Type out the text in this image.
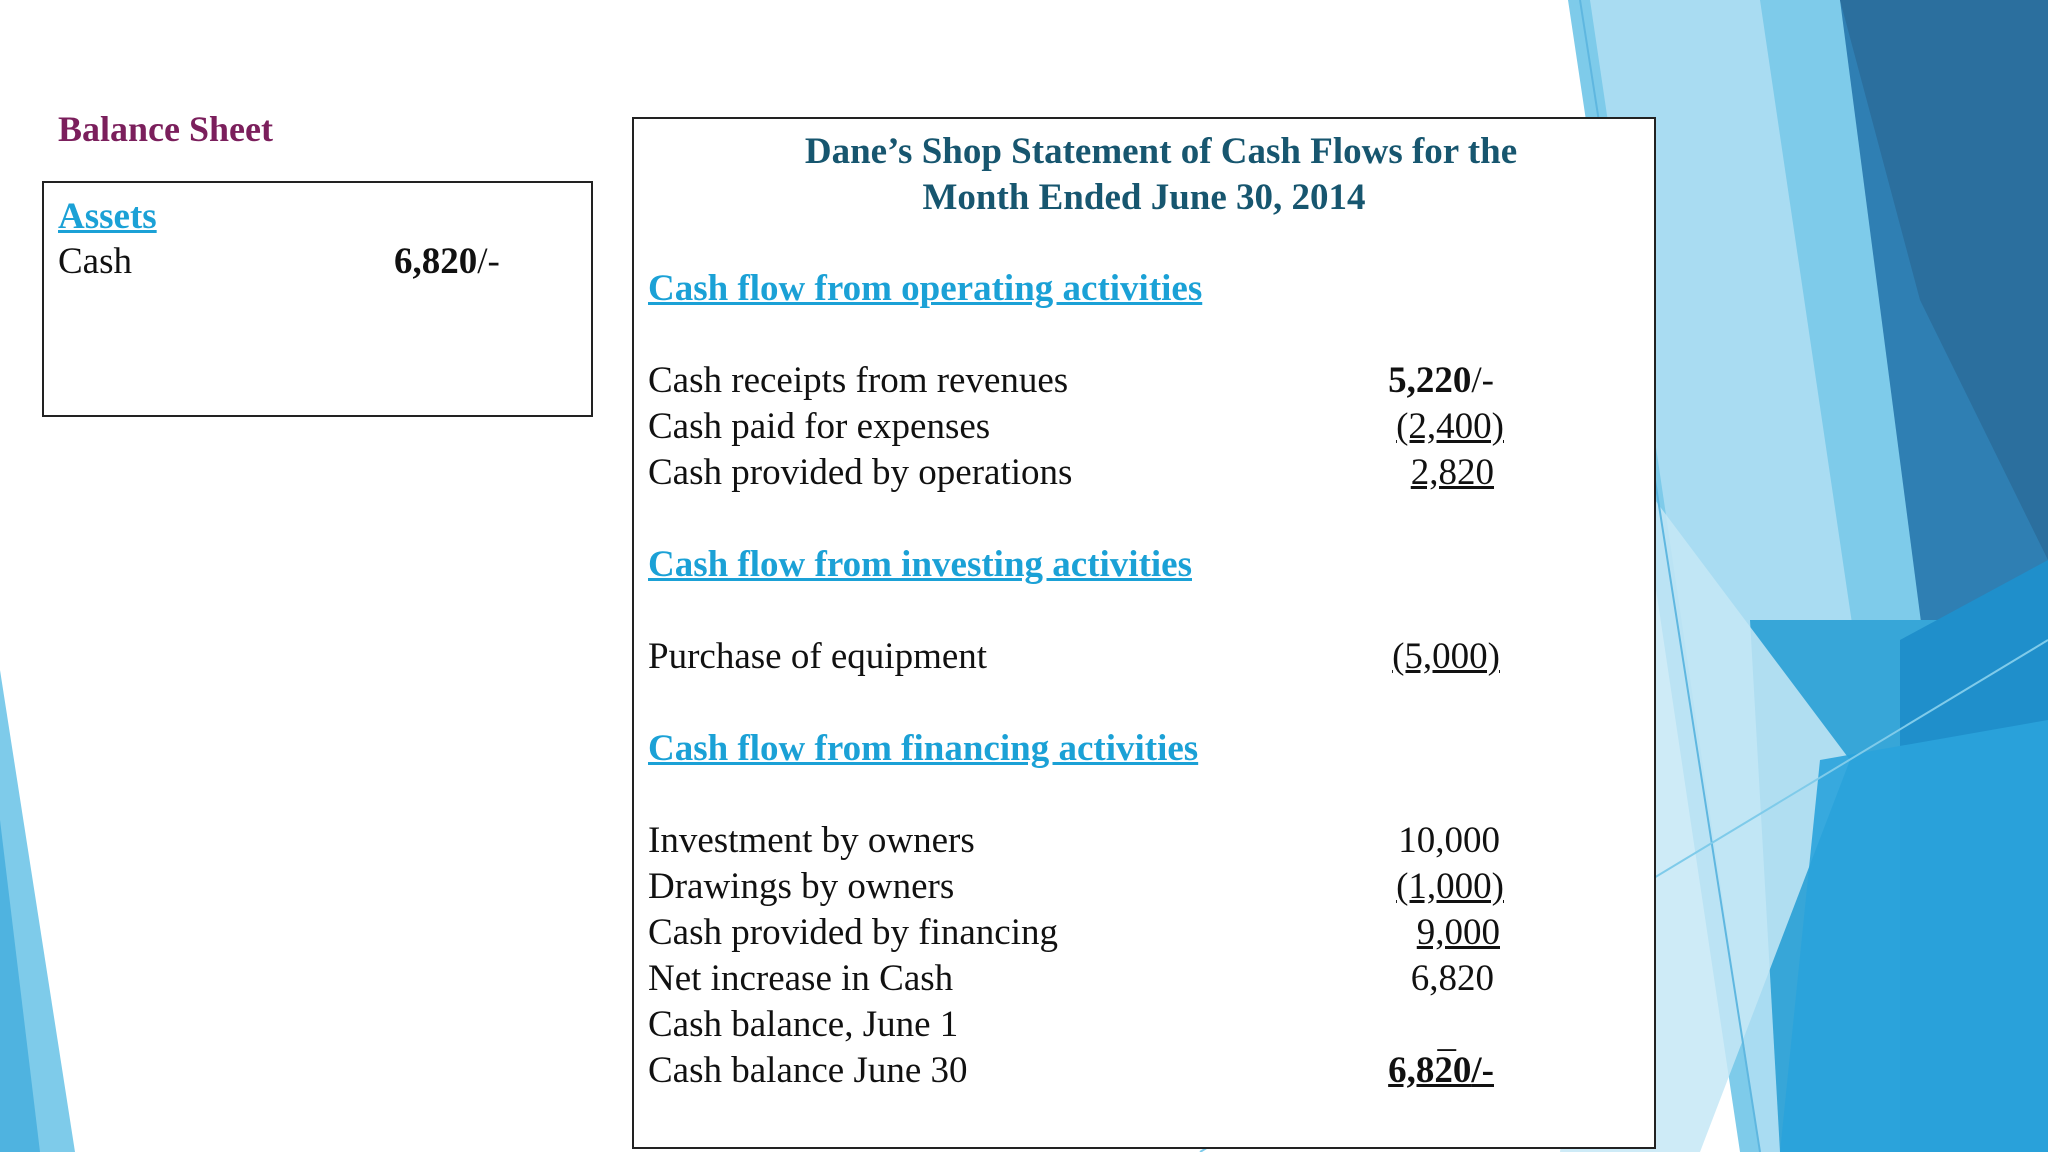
Balance Sheet
Assets
Cash	6,820/-
Dane’s Shop Statement of Cash Flows for the
Month Ended June 30, 2014
Cash flow from operating activities
Cash receipts from revenues	5,220/-
Cash paid for expenses	(2,400)
Cash provided by operations	2,820
Cash flow from investing activities
Purchase of equipment	(5,000)
Cash flow from financing activities
Investment by owners	10,000
Drawings by owners	(1,000)
Cash provided by financing	9,000
Net increase in Cash	6,820
Cash balance, June 1	_
Cash balance June 30	6,820/-
